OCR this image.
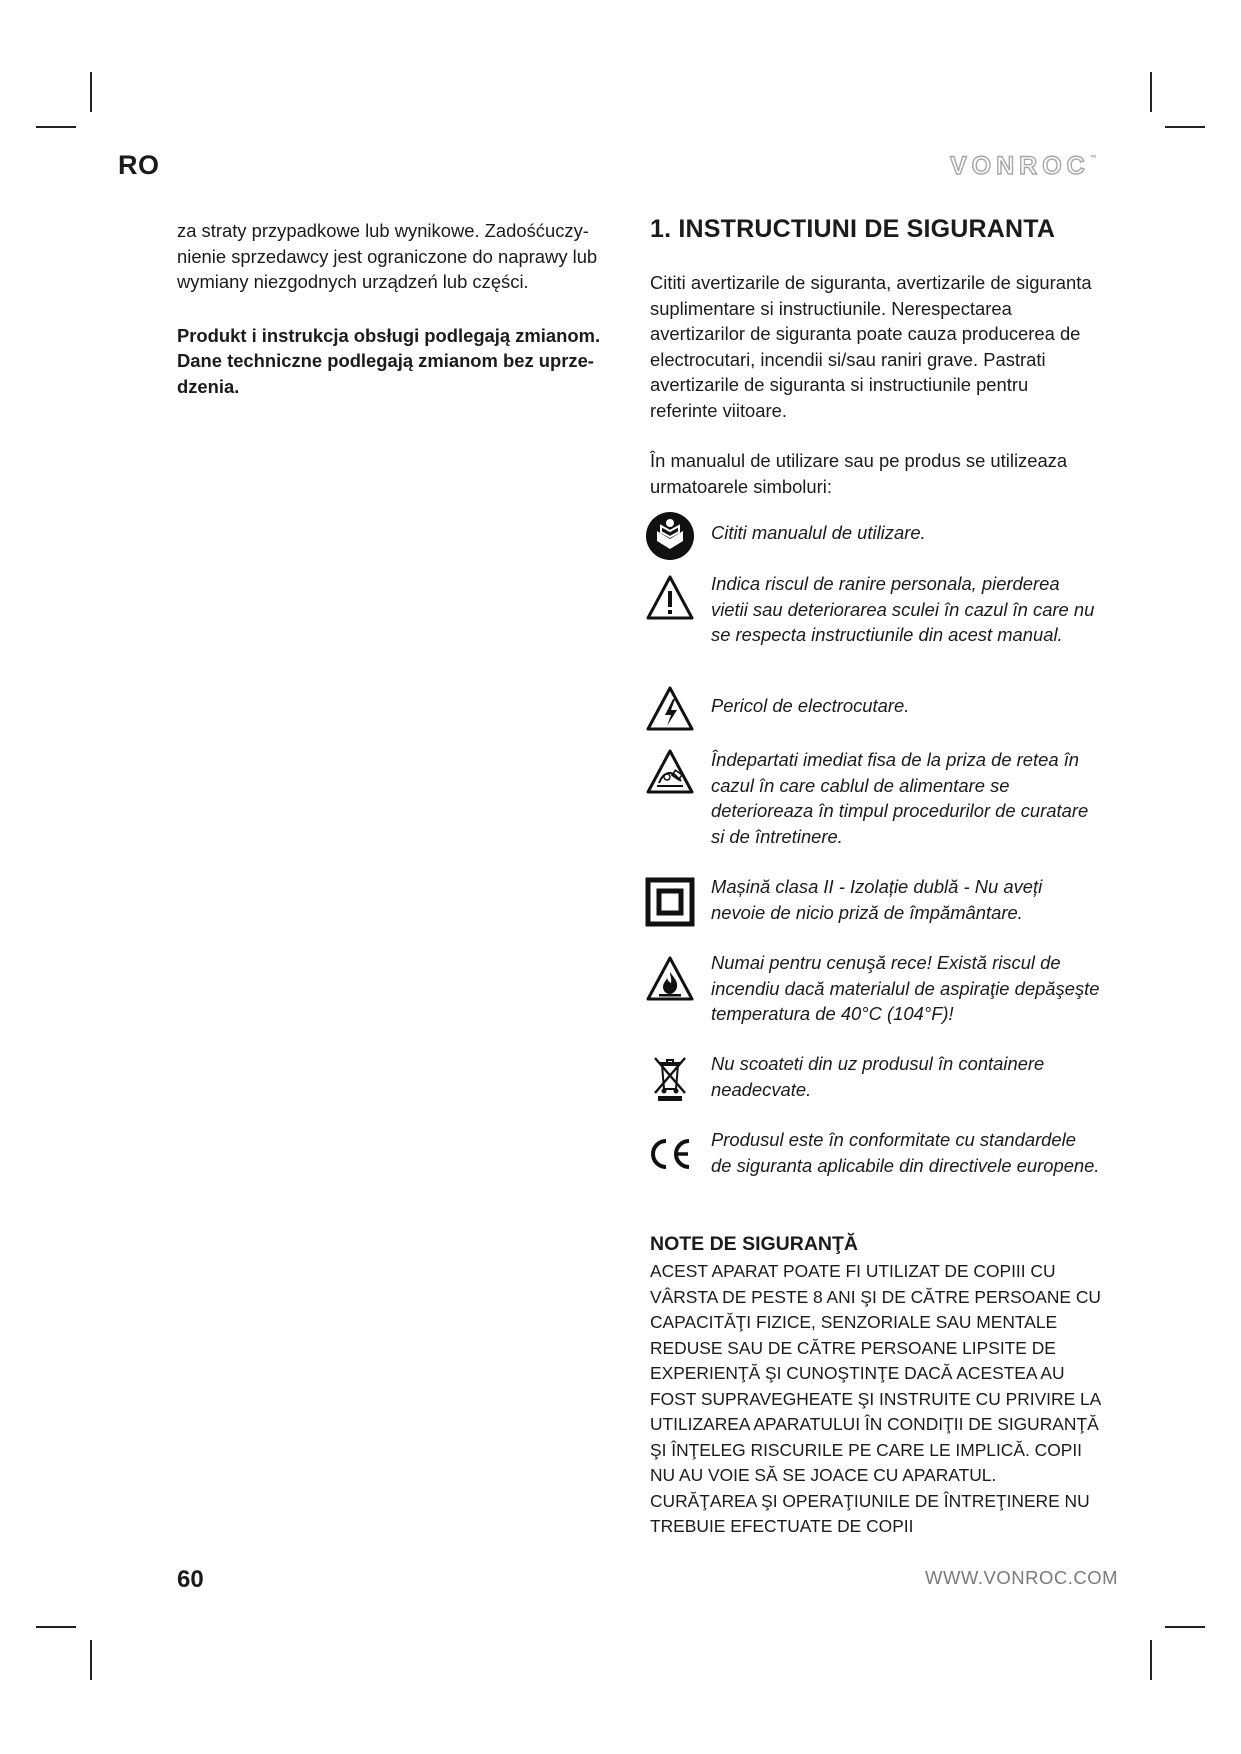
RO	VONROC™

za straty przypadkowe lub wynikowe. Zadośćuczy-nienie sprzedawcy jest ograniczone do naprawy lub wymiany niezgodnych urządzeń lub części.

Produkt i instrukcja obsługi podlegają zmianom. Dane techniczne podlegają zmianom bez uprze-dzenia.

1. INSTRUCTIUNI DE SIGURANTA

Cititi avertizarile de siguranta, avertizarile de siguranta suplimentare si instructiunile. Nerespectarea avertizarilor de siguranta poate cauza producerea de electrocutari, incendii si/sau raniri grave. Pastrati avertizarile de siguranta si instructiunile pentru referinte viitoare.

În manualul de utilizare sau pe produs se utilizeaza urmatoarele simboluri:

Cititi manualul de utilizare.
Indica riscul de ranire personala, pierderea vietii sau deteriorarea sculei în cazul în care nu se respecta instructiunile din acest manual.
Pericol de electrocutare.
Îndepartati imediat fisa de la priza de retea în cazul în care cablul de alimentare se deterioreaza în timpul procedurilor de curatare si de întretinere.
Mașină clasa II - Izolație dublă - Nu aveți nevoie de nicio priză de împământare.
Numai pentru cenuşă rece! Există riscul de incendiu dacă materialul de aspiraţie depăşeşte temperatura de 40°C (104°F)!
Nu scoateti din uz produsul în containere neadecvate.
Produsul este în conformitate cu standardele de siguranta aplicabile din directivele europene.
NOTE DE SIGURANŢĂ
ACEST APARAT POATE FI UTILIZAT DE COPIII CU VÂRSTA DE PESTE 8 ANI ŞI DE CĂTRE PERSOANE CU CAPACITĂŢI FIZICE, SENZORIALE SAU MENTALE REDUSE SAU DE CĂTRE PERSOANE LIPSITE DE EXPERIENŢĂ ŞI CUNOŞTINŢE DACĂ ACESTEA AU FOST SUPRAVEGHEATE ŞI INSTRUITE CU PRIVIRE LA UTILIZAREA APARATULUI ÎN CONDIŢII DE SIGURANŢĂ ŞI ÎNŢELEG RISCURILE PE CARE LE IMPLICĂ. COPII NU AU VOIE SĂ SE JOACE CU APARATUL. CURĂŢAREA ŞI OPERAŢIUNILE DE ÎNTREŢINERE NU TREBUIE EFECTUATE DE COPII
60	WWW.VONROC.COM
